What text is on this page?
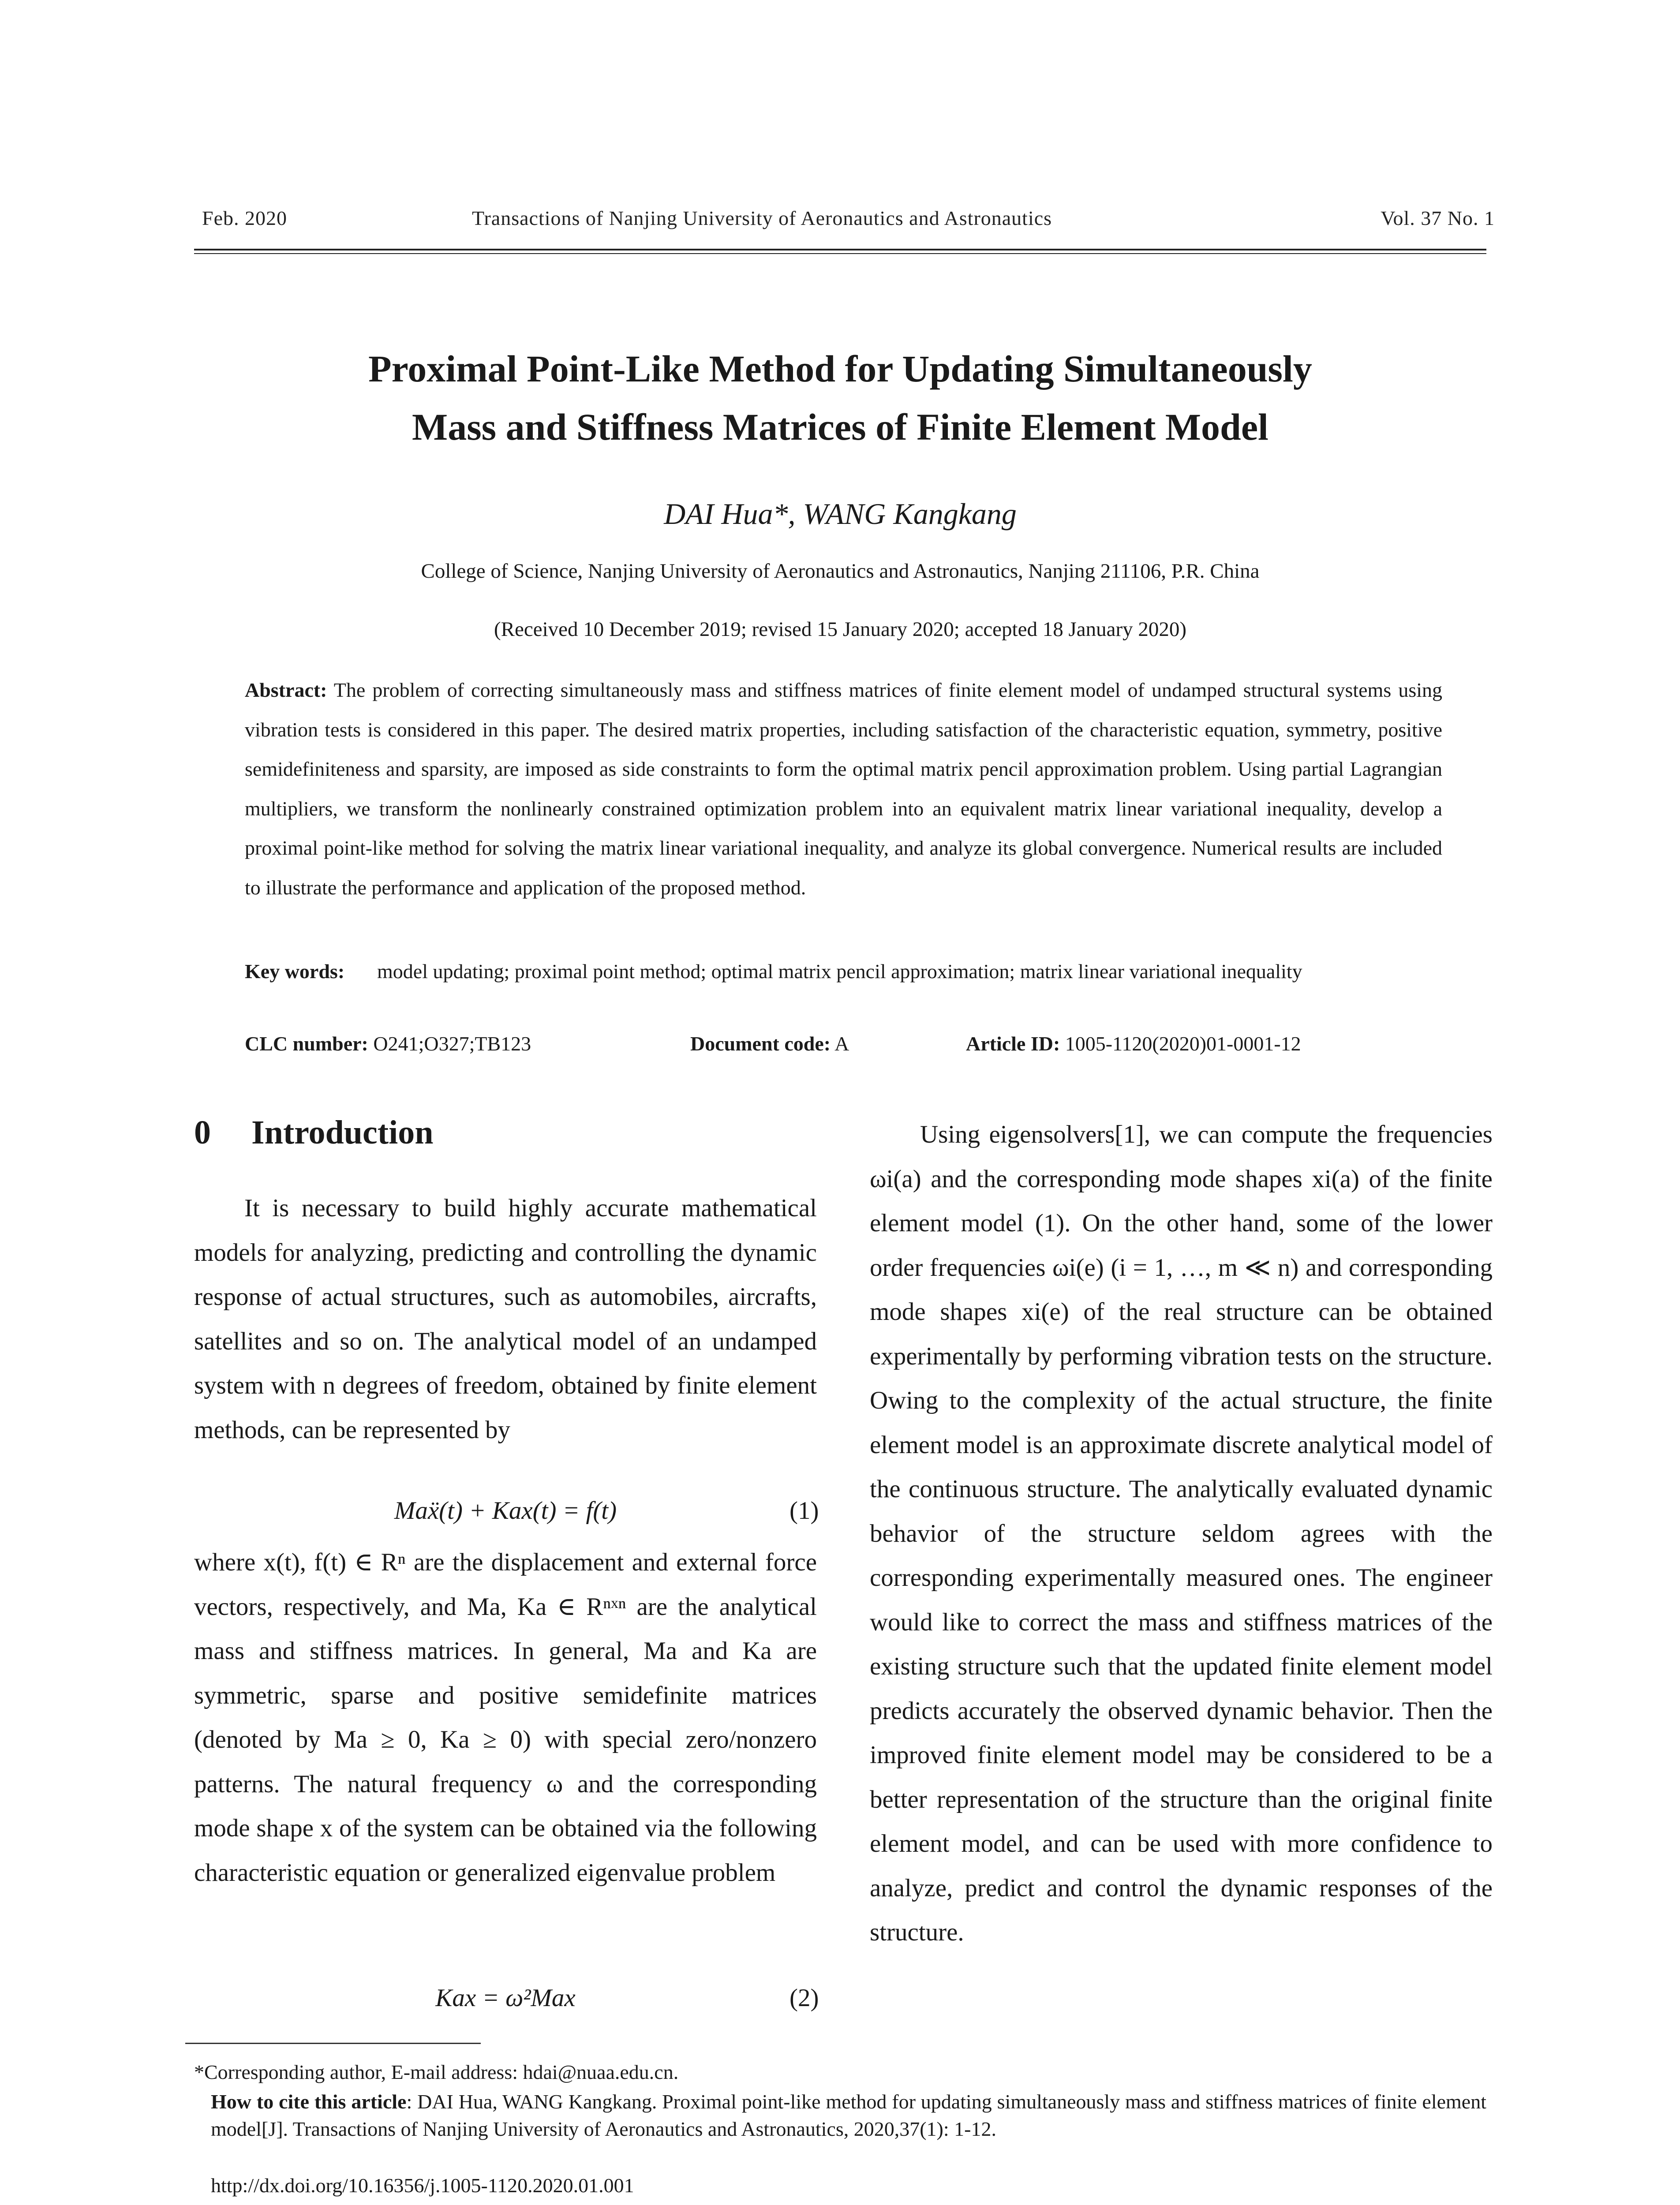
Feb. 2020	Transactions of Nanjing University of Aeronautics and Astronautics	Vol. 37 No. 1
Proximal Point-Like Method for Updating Simultaneously
Mass and Stiffness Matrices of Finite Element Model
DAI Hua*, WANG Kangkang
College of Science, Nanjing University of Aeronautics and Astronautics, Nanjing 211106, P.R. China
(Received 10 December 2019; revised 15 January 2020; accepted 18 January 2020)
Abstract: The problem of correcting simultaneously mass and stiffness matrices of finite element model of undamped structural systems using vibration tests is considered in this paper. The desired matrix properties, including satisfaction of the characteristic equation, symmetry, positive semidefiniteness and sparsity, are imposed as side constraints to form the optimal matrix pencil approximation problem. Using partial Lagrangian multipliers, we transform the nonlinearly constrained optimization problem into an equivalent matrix linear variational inequality, develop a proximal point-like method for solving the matrix linear variational inequality, and analyze its global convergence. Numerical results are included to illustrate the performance and application of the proposed method.
Key words: model updating; proximal point method; optimal matrix pencil approximation; matrix linear variational inequality
CLC number: O241;O327;TB123	Document code: A	Article ID: 1005-1120(2020)01-0001-12
0 Introduction

It is necessary to build highly accurate mathematical models for analyzing, predicting and controlling the dynamic response of actual structures, such as automobiles, aircrafts, satellites and so on. The analytical model of an undamped system with n degrees of freedom, obtained by finite element methods, can be represented by

Maẍ(t) + Kax(t) = f(t)	(1)

where x(t), f(t) ∈ Rⁿ are the displacement and external force vectors, respectively, and Ma, Ka ∈ Rⁿˣⁿ are the analytical mass and stiffness matrices. In general, Ma and Ka are symmetric, sparse and positive semidefinite matrices (denoted by Ma ≥ 0, Ka ≥ 0) with special zero/nonzero patterns. The natural frequency ω and the corresponding mode shape x of the system can be obtained via the following characteristic equation or generalized eigenvalue problem

Kax = ω²Max	(2)

Using eigensolvers[1], we can compute the frequencies ωi(a) and the corresponding mode shapes xi(a) of the finite element model (1). On the other hand, some of the lower order frequencies ωi(e) (i = 1, …, m ≪ n) and corresponding mode shapes xi(e) of the real structure can be obtained experimentally by performing vibration tests on the structure. Owing to the complexity of the actual structure, the finite element model is an approximate discrete analytical model of the continuous structure. The analytically evaluated dynamic behavior of the structure seldom agrees with the corresponding experimentally measured ones. The engineer would like to correct the mass and stiffness matrices of the existing structure such that the updated finite element model predicts accurately the observed dynamic behavior. Then the improved finite element model may be considered to be a better representation of the structure than the original finite element model, and can be used with more confidence to analyze, predict and control the dynamic responses of the structure.

*Corresponding author, E-mail address: hdai@nuaa.edu.cn.
How to cite this article: DAI Hua, WANG Kangkang. Proximal point-like method for updating simultaneously mass and stiffness matrices of finite element model[J]. Transactions of Nanjing University of Aeronautics and Astronautics, 2020,37(1): 1-12.
http://dx.doi.org/10.16356/j.1005-1120.2020.01.001
